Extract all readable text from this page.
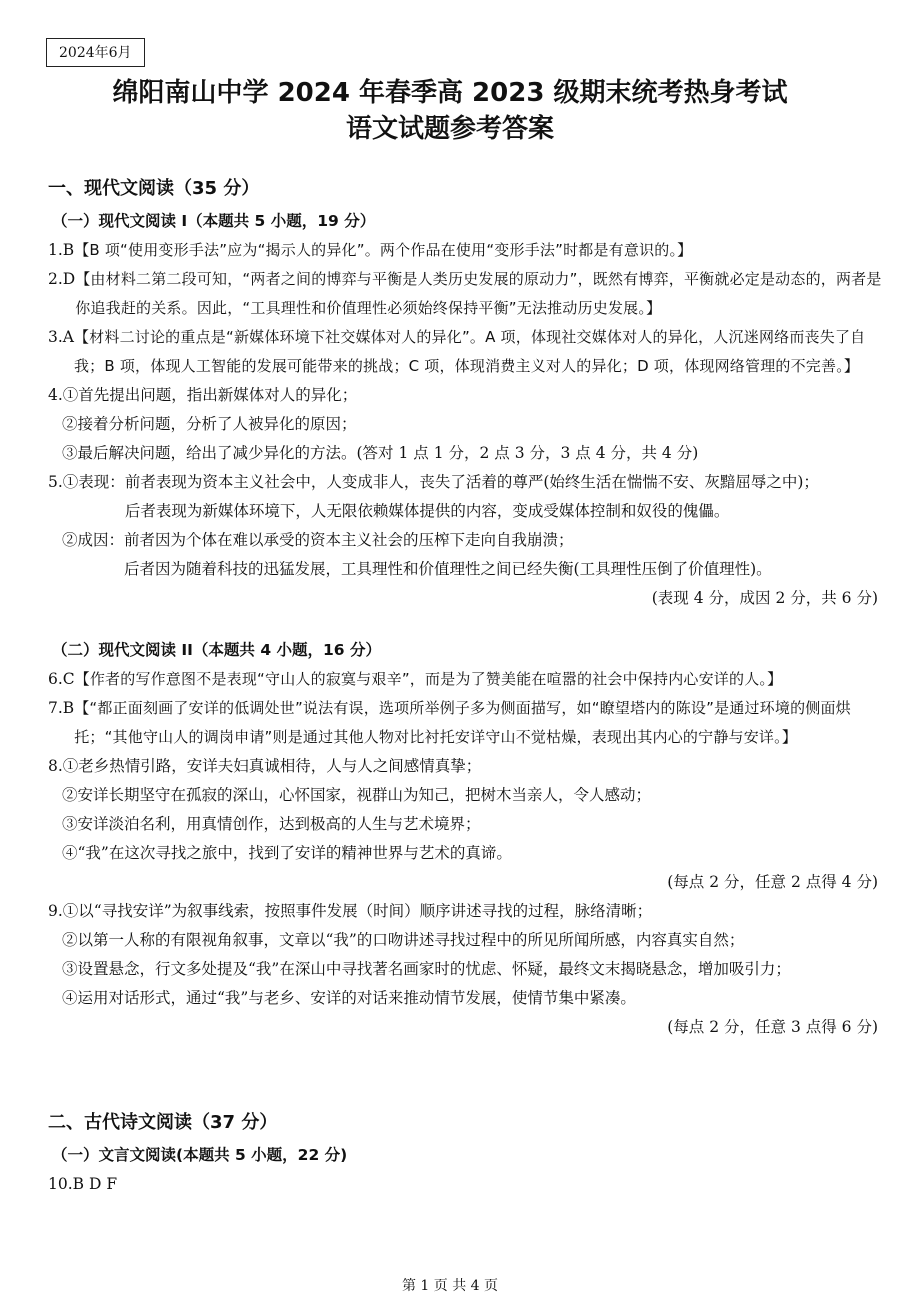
2024年6月
绵阳南山中学 2024 年春季高 2023 级期末统考热身考试
语文试题参考答案
一、现代文阅读（35 分）
（一）现代文阅读 I（本题共 5 小题，19 分）
1.B 【B 项“使用变形手法”应为“揭示人的异化”。两个作品在使用“变形手法”时都是有意识的。】
2.D 【由材料二第二段可知，“两者之间的博弈与平衡是人类历史发展的原动力”，既然有博弈，平衡就必定是动态的，两者是你追我赶的关系。因此，“工具理性和价值理性必须始终保持平衡”无法推动历史发展。】
3.A 【材料二讨论的重点是“新媒体环境下社交媒体对人的异化”。A 项，体现社交媒体对人的异化，人沉迷网络而丧失了自我；B 项，体现人工智能的发展可能带来的挑战；C 项，体现消费主义对人的异化；D 项，体现网络管理的不完善。】
4. ①首先提出问题，指出新媒体对人的异化；
②接着分析问题，分析了人被异化的原因；
③最后解决问题，给出了减少异化的方法。(答对 1 点 1 分，2 点 3 分，3 点 4 分，共 4 分)
5. ①表现： 前者表现为资本主义社会中，人变成非人，丧失了活着的尊严(始终生活在惴惴不安、灰黯屈辱之中)；
后者表现为新媒体环境下，人无限依赖媒体提供的内容，变成受媒体控制和奴役的傀儡。
②成因： 前者因为个体在难以承受的资本主义社会的压榨下走向自我崩溃；
后者因为随着科技的迅猛发展，工具理性和价值理性之间已经失衡(工具理性压倒了价值理性)。
(表现 4 分，成因 2 分，共 6 分)
（二）现代文阅读 II（本题共 4 小题，16 分）
6.C 【作者的写作意图不是表现“守山人的寂寞与艰辛”，而是为了赞美能在喧嚣的社会中保持内心安详的人。】
7.B 【“都正面刻画了安详的低调处世”说法有误，选项所举例子多为侧面描写，如“瞭望塔内的陈设”是通过环境的侧面烘托；“其他守山人的调岗申请”则是通过其他人物对比衬托安详守山不觉枯燥，表现出其内心的宁静与安详。】
8. ①老乡热情引路，安详夫妇真诚相待，人与人之间感情真挚；
②安详长期坚守在孤寂的深山，心怀国家，视群山为知己，把树木当亲人，令人感动；
③安详淡泊名利，用真情创作，达到极高的人生与艺术境界；
④“我”在这次寻找之旅中，找到了安详的精神世界与艺术的真谛。
(每点 2 分，任意 2 点得 4 分)
9. ①以“寻找安详”为叙事线索，按照事件发展（时间）顺序讲述寻找的过程，脉络清晰；
②以第一人称的有限视角叙事，文章以“我”的口吻讲述寻找过程中的所见所闻所感，内容真实自然；
③设置悬念，行文多处提及“我”在深山中寻找著名画家时的忧虑、怀疑，最终文末揭晓悬念，增加吸引力；
④运用对话形式，通过“我”与老乡、安详的对话来推动情节发展，使情节集中紧凑。
(每点 2 分，任意 3 点得 6 分)
二、古代诗文阅读（37 分）
（一）文言文阅读(本题共 5 小题，22 分)
10. B D F
第 1 页 共 4 页
